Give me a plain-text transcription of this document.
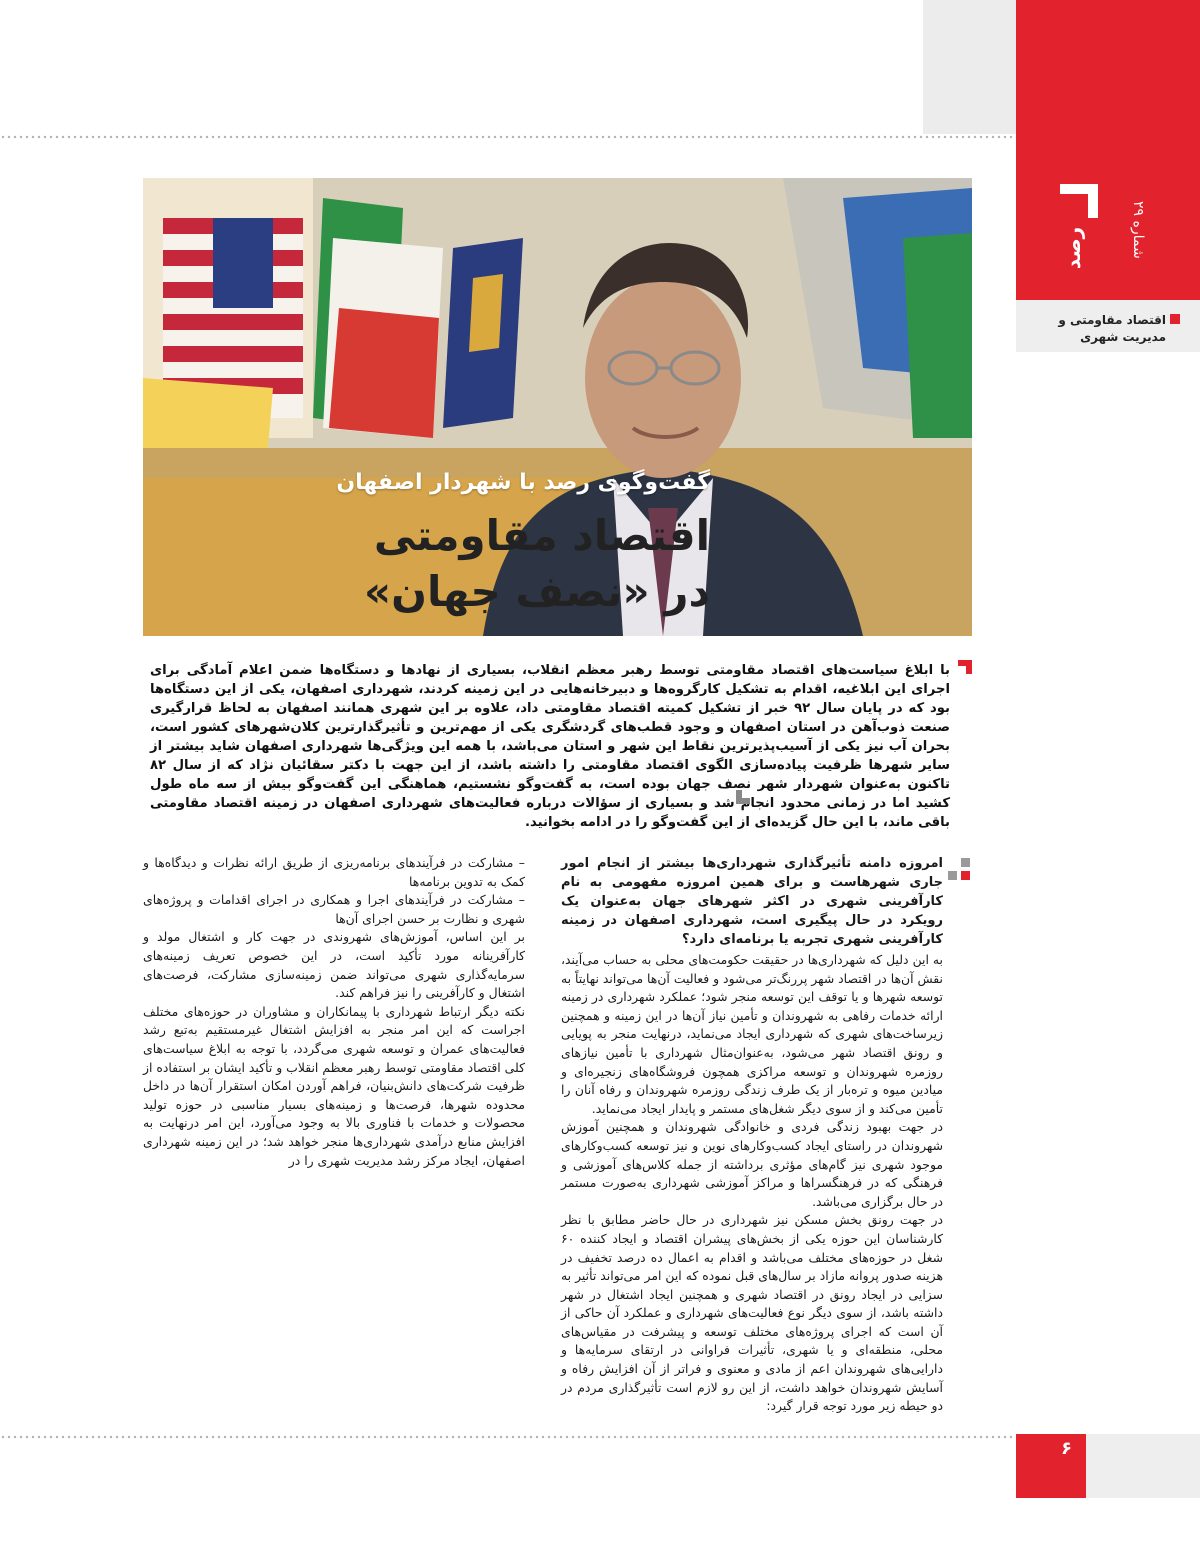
رصد
شماره ۲۹
اقتصاد مقاومتی و
مدیریت شهری
گفت‌وگوی رصد با شهردار اصفهان
اقتصاد مقاومتی
در «نصف جهان»
با ابلاغ سیاست‌های اقتصاد مقاومتی توسط رهبر معظم انقلاب، بسیاری از نهادها و دستگاه‌ها ضمن اعلام آمادگی برای اجرای این ابلاغیه، اقدام به تشکیل کارگروه‌ها و دبیرخانه‌هایی در این زمینه کردند، شهرداری اصفهان، یکی از این دستگاه‌ها بود که در پایان سال ۹۲ خبر از تشکیل کمیته اقتصاد مقاومتی داد، علاوه بر این شهری همانند اصفهان به لحاظ قرارگیری صنعت ذوب‌آهن در استان اصفهان و وجود قطب‌های گردشگری یکی از مهم‌ترین و تأثیرگذارترین کلان‌شهرهای کشور است، بحران آب نیز یکی از آسیب‌پذیرترین نقاط این شهر و استان می‌باشد، با همه این ویژگی‌ها شهرداری اصفهان شاید بیشتر از سایر شهرها ظرفیت پیاده‌سازی الگوی اقتصاد مقاومتی را داشته باشد، از این جهت با دکتر سقائیان نژاد که از سال ۸۲ تاکنون به‌عنوان شهردار شهر نصف جهان بوده است، به گفت‌وگو نشستیم، هماهنگی این گفت‌وگو بیش از سه ماه طول کشید اما در زمانی محدود انجام شد و بسیاری از سؤالات درباره فعالیت‌های شهرداری اصفهان در زمینه اقتصاد مقاومتی باقی ماند، با این حال گزیده‌ای از این گفت‌وگو را در ادامه بخوانید.

امروزه دامنه تأثیرگذاری شهرداری‌ها بیشتر از انجام امور جاری شهرهاست و برای همین امروزه مفهومی به نام کارآفرینی شهری در اکثر شهرهای جهان به‌عنوان یک رویکرد در حال پیگیری است، شهرداری اصفهان در زمینه کارآفرینی شهری تجربه یا برنامه‌ای دارد؟

به این دلیل که شهرداری‌ها در حقیقت حکومت‌های محلی به حساب می‌آیند، نقش آن‌ها در اقتصاد شهر پررنگ‌تر می‌شود و فعالیت آن‌ها می‌تواند نهایتاً به توسعه شهرها و یا توقف این توسعه منجر شود؛ عملکرد شهرداری در زمینه ارائه خدمات رفاهی به شهروندان و تأمین نیاز آن‌ها در این زمینه و همچنین زیرساخت‌های شهری که شهرداری ایجاد می‌نماید، درنهایت منجر به پویایی و رونق اقتصاد شهر می‌شود، به‌عنوان‌مثال شهرداری با تأمین نیازهای روزمره شهروندان و توسعه مراکزی همچون فروشگاه‌های زنجیره‌ای و میادین میوه و تره‌بار از یک طرف زندگی روزمره شهروندان و رفاه آنان را تأمین می‌کند و از سوی دیگر شغل‌های مستمر و پایدار ایجاد می‌نماید.

در جهت بهبود زندگی فردی و خانوادگی شهروندان و همچنین آموزش شهروندان در راستای ایجاد کسب‌وکارهای نوین و نیز توسعه کسب‌وکارهای موجود شهری نیز گام‌های مؤثری برداشته از جمله کلاس‌های آموزشی و فرهنگی که در فرهنگسراها و مراکز آموزشی شهرداری به‌صورت مستمر در حال برگزاری می‌باشد.

در جهت رونق بخش مسکن نیز شهرداری در حال حاضر مطابق با نظر کارشناسان این حوزه یکی از بخش‌های پیشران اقتصاد و ایجاد کننده ۶۰ شغل در حوزه‌های مختلف می‌باشد و اقدام به اعمال ده درصد تخفیف در هزینه صدور پروانه مازاد بر سال‌های قبل نموده که این امر می‌تواند تأثیر به سزایی در ایجاد رونق در اقتصاد شهری و همچنین ایجاد اشتغال در شهر داشته باشد، از سوی دیگر نوع فعالیت‌های شهرداری و عملکرد آن حاکی از آن است که اجرای پروژه‌های مختلف توسعه و پیشرفت در مقیاس‌های محلی، منطقه‌ای و یا شهری، تأثیرات فراوانی در ارتقای سرمایه‌ها و دارایی‌های شهروندان اعم از مادی و معنوی و فراتر از آن افزایش رفاه و آسایش شهروندان خواهد داشت، از این رو لازم است تأثیرگذاری مردم در دو حیطه زیر مورد توجه قرار گیرد:

– مشارکت در فرآیندهای برنامه‌ریزی از طریق ارائه نظرات و دیدگاه‌ها و کمک به تدوین برنامه‌ها

– مشارکت در فرآیندهای اجرا و همکاری در اجرای اقدامات و پروژه‌های شهری و نظارت بر حسن اجرای آن‌ها

بر این اساس، آموزش‌های شهروندی در جهت کار و اشتغال مولد و کارآفرینانه مورد تأکید است، در این خصوص تعریف زمینه‌های سرمایه‌گذاری شهری می‌تواند ضمن زمینه‌سازی مشارکت، فرصت‌های اشتغال و کارآفرینی را نیز فراهم کند.

نکته دیگر ارتباط شهرداری با پیمانکاران و مشاوران در حوزه‌های مختلف اجراست که این امر منجر به افزایش اشتغال غیرمستقیم به‌تبع رشد فعالیت‌های عمران و توسعه شهری می‌گردد، با توجه به ابلاغ سیاست‌های کلی اقتصاد مقاومتی توسط رهبر معظم انقلاب و تأکید ایشان بر استفاده از ظرفیت شرکت‌های دانش‌بنیان، فراهم آوردن امکان استقرار آن‌ها در داخل محدوده شهرها، فرصت‌ها و زمینه‌های بسیار مناسبی در حوزه تولید محصولات و خدمات با فناوری بالا به وجود می‌آورد، این امر درنهایت به افزایش منابع درآمدی شهرداری‌ها منجر خواهد شد؛ در این زمینه شهرداری اصفهان، ایجاد مرکز رشد مدیریت شهری را در

۶
